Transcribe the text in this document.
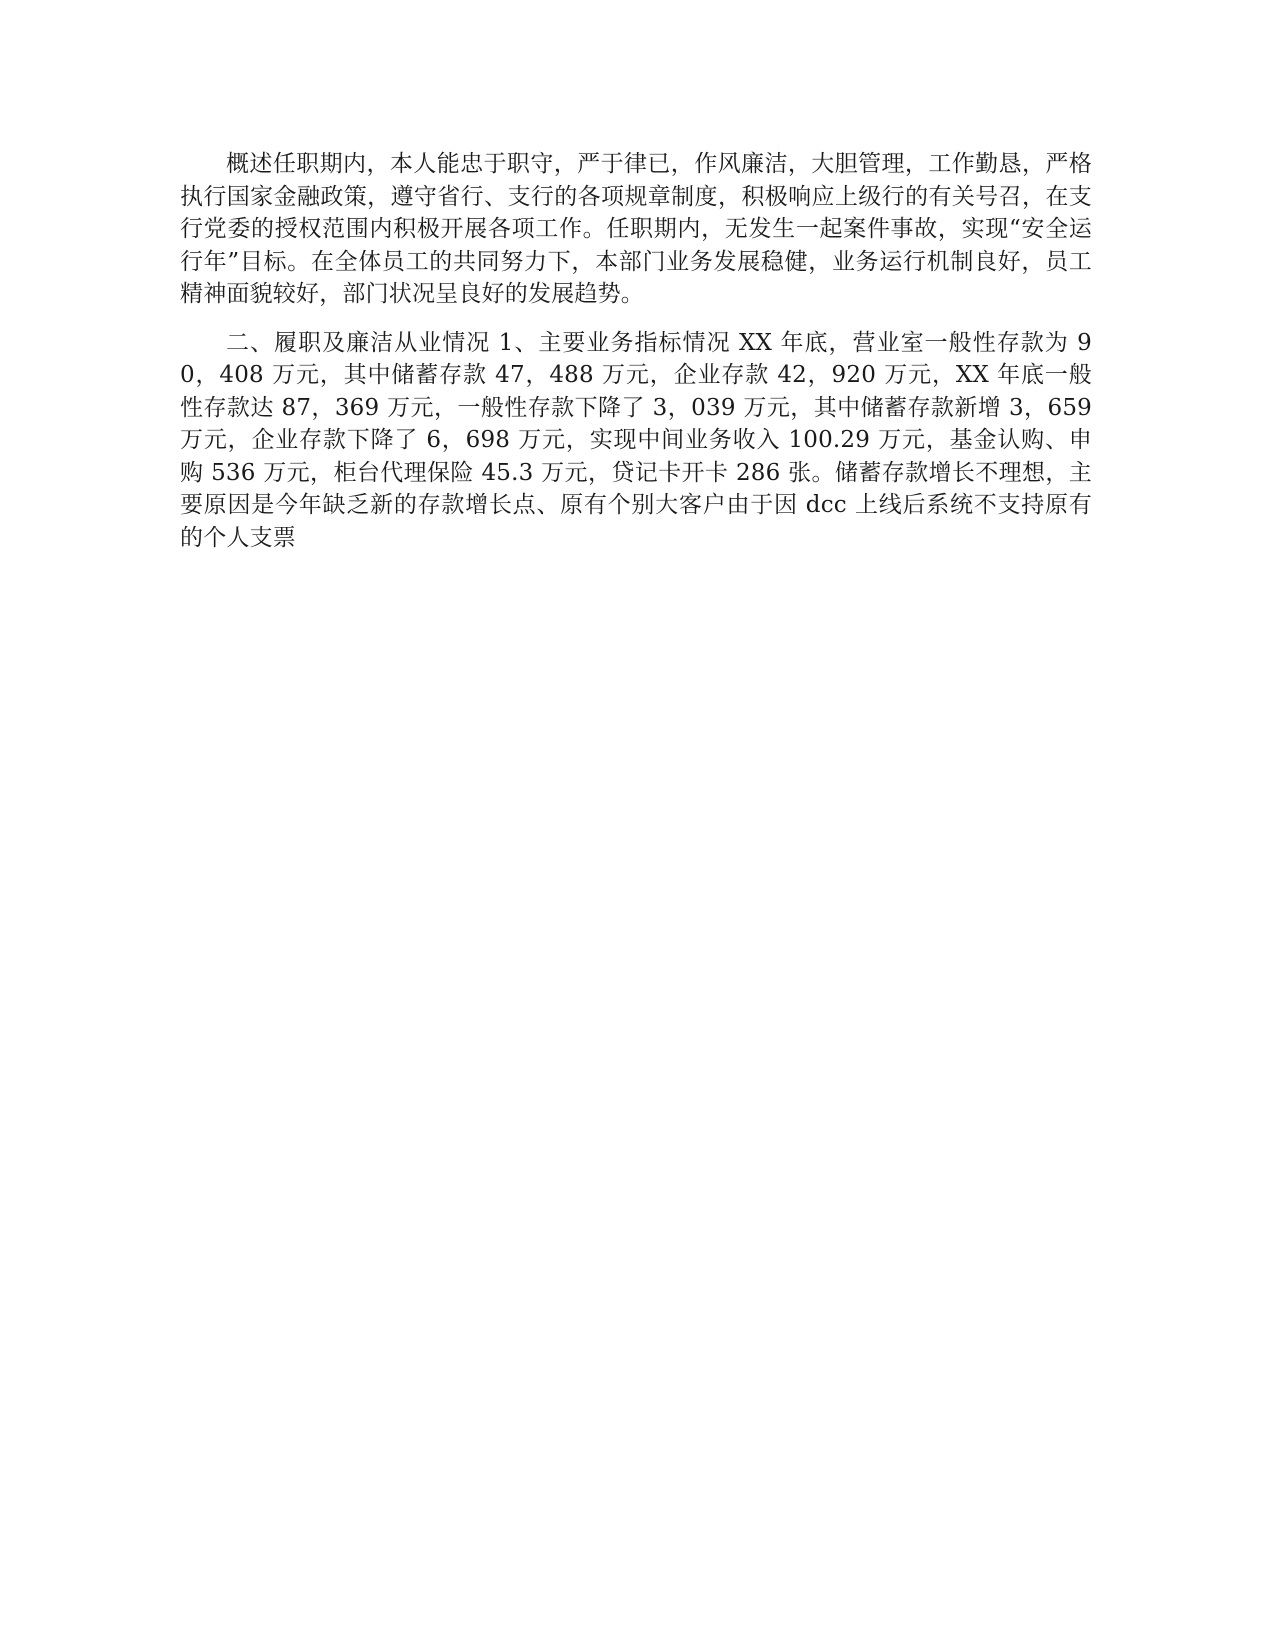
概述任职期内，本人能忠于职守，严于律已，作风廉洁，大胆管理，工作勤恳，严格执行国家金融政策，遵守省行、支行的各项规章制度，积极响应上级行的有关号召，在支行党委的授权范围内积极开展各项工作。任职期内，无发生一起案件事故，实现“安全运行年”目标。在全体员工的共同努力下，本部门业务发展稳健，业务运行机制良好，员工精神面貌较好，部门状况呈良好的发展趋势。

二、履职及廉洁从业情况 1、主要业务指标情况 XX 年底，营业室一般性存款为 90，408 万元，其中储蓄存款 47，488 万元，企业存款 42，920 万元，XX 年底一般性存款达 87，369 万元，一般性存款下降了 3，039 万元，其中储蓄存款新增 3，659 万元，企业存款下降了 6，698 万元，实现中间业务收入 100.29 万元，基金认购、申购 536 万元，柜台代理保险 45.3 万元，贷记卡开卡 286 张。储蓄存款增长不理想，主要原因是今年缺乏新的存款增长点、原有个别大客户由于因 dcc 上线后系统不支持原有的个人支票
